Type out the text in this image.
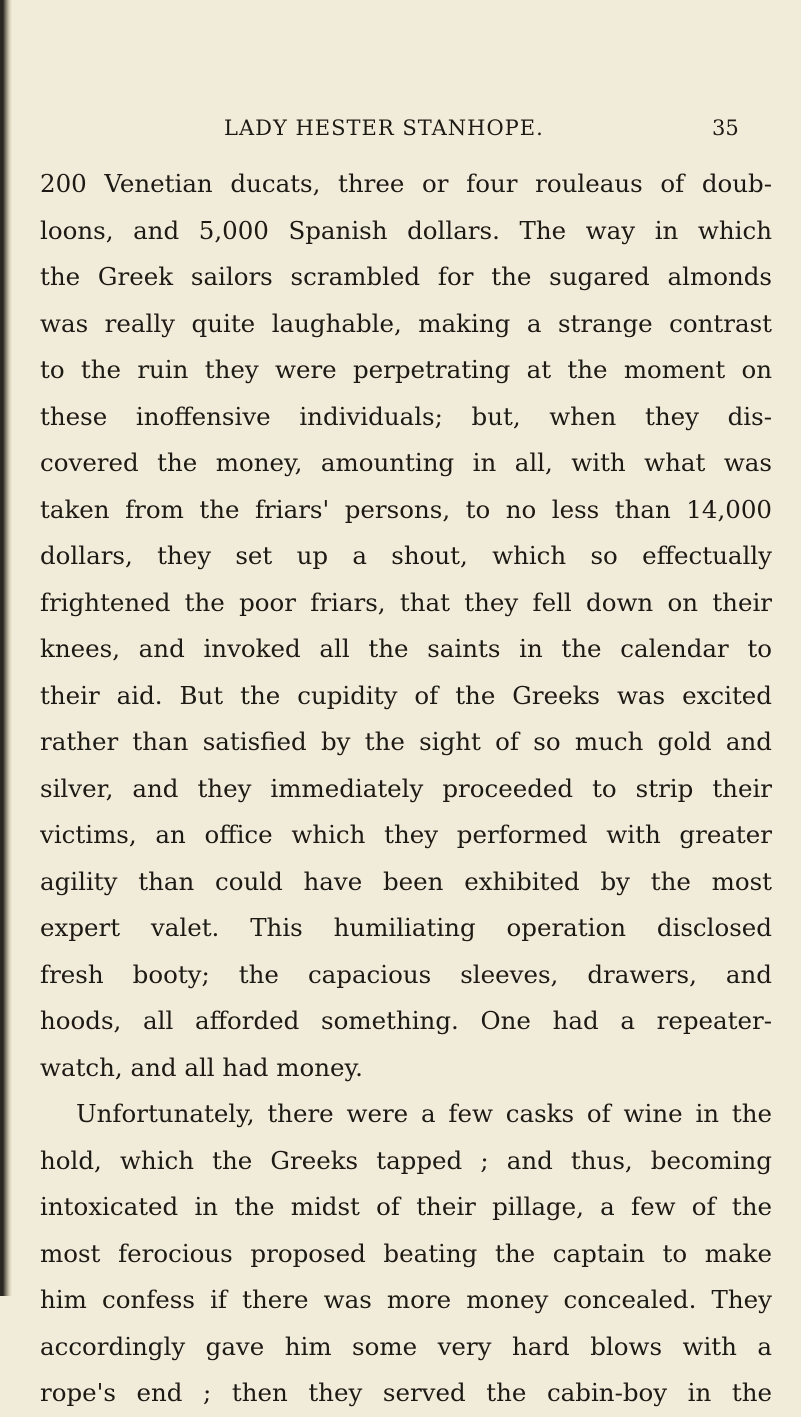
LADY HESTER STANHOPE.	35
200 Venetian ducats, three or four rouleaus of doub-
loons, and 5,000 Spanish dollars. The way in which
the Greek sailors scrambled for the sugared almonds
was really quite laughable, making a strange contrast
to the ruin they were perpetrating at the moment on
these inoffensive individuals; but, when they dis-
covered the money, amounting in all, with what was
taken from the friars' persons, to no less than 14,000
dollars, they set up a shout, which so effectually
frightened the poor friars, that they fell down on their
knees, and invoked all the saints in the calendar to
their aid. But the cupidity of the Greeks was excited
rather than satisfied by the sight of so much gold and
silver, and they immediately proceeded to strip their
victims, an office which they performed with greater
agility than could have been exhibited by the most
expert valet. This humiliating operation disclosed
fresh booty; the capacious sleeves, drawers, and
hoods, all afforded something. One had a repeater-
watch, and all had money.
Unfortunately, there were a few casks of wine in the
hold, which the Greeks tapped ; and thus, becoming
intoxicated in the midst of their pillage, a few of the
most ferocious proposed beating the captain to make
him confess if there was more money concealed. They
accordingly gave him some very hard blows with a
rope's end ; then they served the cabin-boy in the
